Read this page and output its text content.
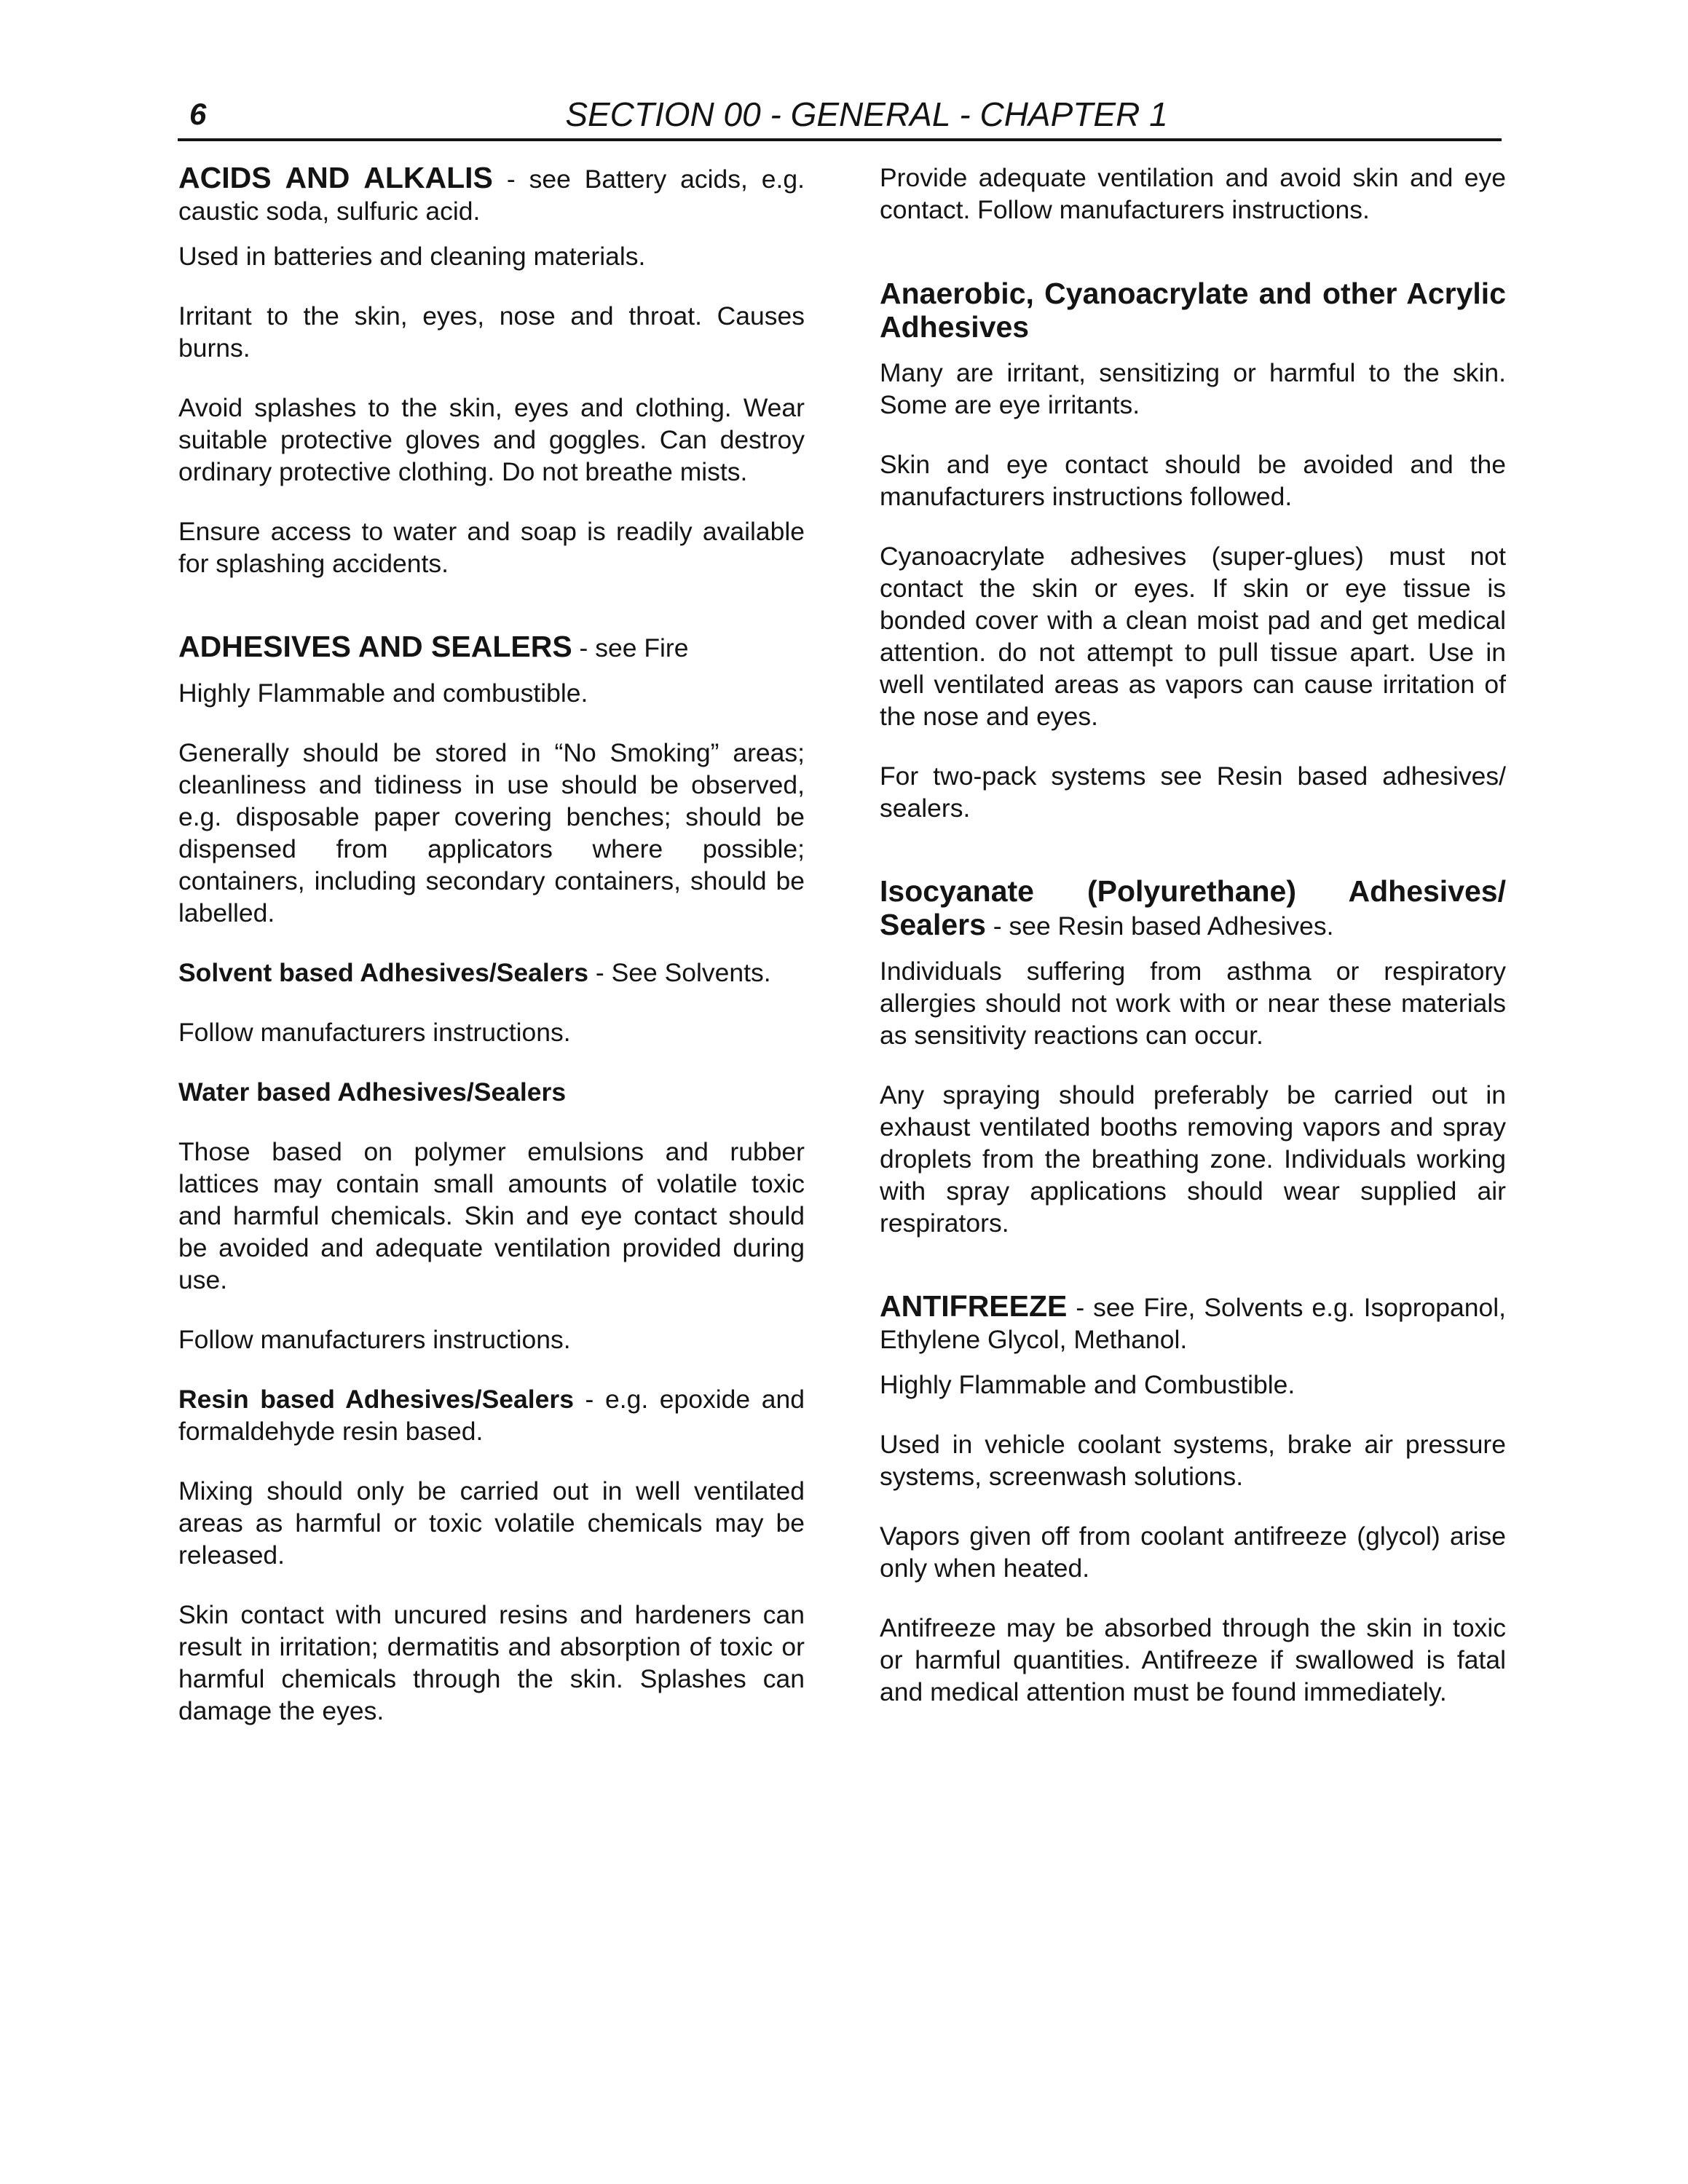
6	SECTION 00 - GENERAL - CHAPTER 1

ACIDS AND ALKALIS - see Battery acids, e.g. caustic soda, sulfuric acid.

Used in batteries and cleaning materials.

Irritant to the skin, eyes, nose and throat. Causes burns.

Avoid splashes to the skin, eyes and clothing. Wear suitable protective gloves and goggles. Can destroy ordinary protective clothing. Do not breathe mists.

Ensure access to water and soap is readily available for splashing accidents.

ADHESIVES AND SEALERS - see Fire

Highly Flammable and combustible.

Generally should be stored in “No Smoking” areas; cleanliness and tidiness in use should be observed, e.g. disposable paper covering benches; should be dispensed from applicators where possible; containers, including secondary containers, should be labelled.

Solvent based Adhesives/Sealers - See Solvents.

Follow manufacturers instructions.

Water based Adhesives/Sealers

Those based on polymer emulsions and rubber lattices may contain small amounts of volatile toxic and harmful chemicals. Skin and eye contact should be avoided and adequate ventilation provided during use.

Follow manufacturers instructions.

Resin based Adhesives/Sealers - e.g. epoxide and formaldehyde resin based.

Mixing should only be carried out in well ventilated areas as harmful or toxic volatile chemicals may be released.

Skin contact with uncured resins and hardeners can result in irritation; dermatitis and absorption of toxic or harmful chemicals through the skin. Splashes can damage the eyes.

Provide adequate ventilation and avoid skin and eye contact. Follow manufacturers instructions.

Anaerobic, Cyanoacrylate and other Acrylic Adhesives

Many are irritant, sensitizing or harmful to the skin. Some are eye irritants.

Skin and eye contact should be avoided and the manufacturers instructions followed.

Cyanoacrylate adhesives (super-glues) must not contact the skin or eyes. If skin or eye tissue is bonded cover with a clean moist pad and get medical attention. do not attempt to pull tissue apart. Use in well ventilated areas as vapors can cause irritation of the nose and eyes.

For two-pack systems see Resin based adhesives/ sealers.

Isocyanate (Polyurethane) Adhesives/ Sealers - see Resin based Adhesives.

Individuals suffering from asthma or respiratory allergies should not work with or near these materials as sensitivity reactions can occur.

Any spraying should preferably be carried out in exhaust ventilated booths removing vapors and spray droplets from the breathing zone. Individuals working with spray applications should wear supplied air respirators.

ANTIFREEZE - see Fire, Solvents e.g. Isopropanol, Ethylene Glycol, Methanol.

Highly Flammable and Combustible.

Used in vehicle coolant systems, brake air pressure systems, screenwash solutions.

Vapors given off from coolant antifreeze (glycol) arise only when heated.

Antifreeze may be absorbed through the skin in toxic or harmful quantities. Antifreeze if swallowed is fatal and medical attention must be found immediately.
